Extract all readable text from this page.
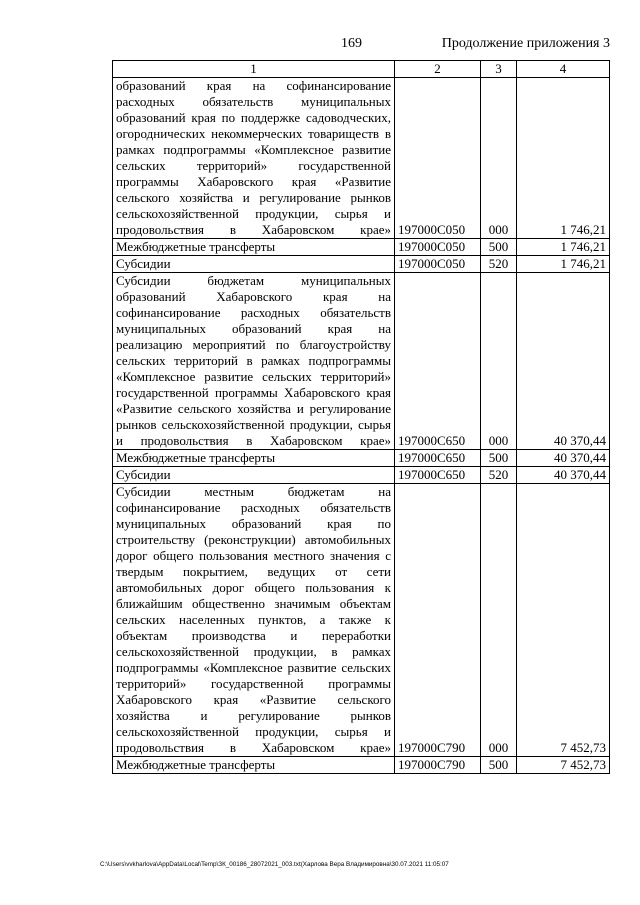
169	Продолжение приложения 3
1	2	3	4
образований края на софинансирование расходных обязательств муниципальных образований края по поддержке садоводческих, огороднических некоммерческих товариществ в рамках подпрограммы «Комплексное развитие сельских территорий» государственной программы Хабаровского края «Развитие сельского хозяйства и регулирование рынков сельскохозяйственной продукции, сырья и продовольствия в Хабаровском крае»	197000С050	000	1 746,21
Межбюджетные трансферты	197000С050	500	1 746,21
Субсидии	197000С050	520	1 746,21
Субсидии бюджетам муниципальных образований Хабаровского края на софинансирование расходных обязательств муниципальных образований края на реализацию мероприятий по благоустройству сельских территорий в рамках подпрограммы «Комплексное развитие сельских территорий» государственной программы Хабаровского края «Развитие сельского хозяйства и регулирование рынков сельскохозяйственной продукции, сырья и продовольствия в Хабаровском крае»	197000С650	000	40 370,44
Межбюджетные трансферты	197000С650	500	40 370,44
Субсидии	197000С650	520	40 370,44
Субсидии местным бюджетам на софинансирование расходных обязательств муниципальных образований края по строительству (реконструкции) автомобильных дорог общего пользования местного значения с твердым покрытием, ведущих от сети автомобильных дорог общего пользования к ближайшим общественно значимым объектам сельских населенных пунктов, а также к объектам производства и переработки сельскохозяйственной продукции, в рамках подпрограммы «Комплексное развитие сельских территорий» государственной программы Хабаровского края «Развитие сельского хозяйства и регулирование рынков сельскохозяйственной продукции, сырья и продовольствия в Хабаровском крае»	197000С790	000	7 452,73
Межбюджетные трансферты	197000С790	500	7 452,73
C:\Users\vvkharlova\AppData\Local\Temp\ЗК_00186_28072021_003.txt(Харлова Вера Владимировна\30.07.2021 11:05:07
